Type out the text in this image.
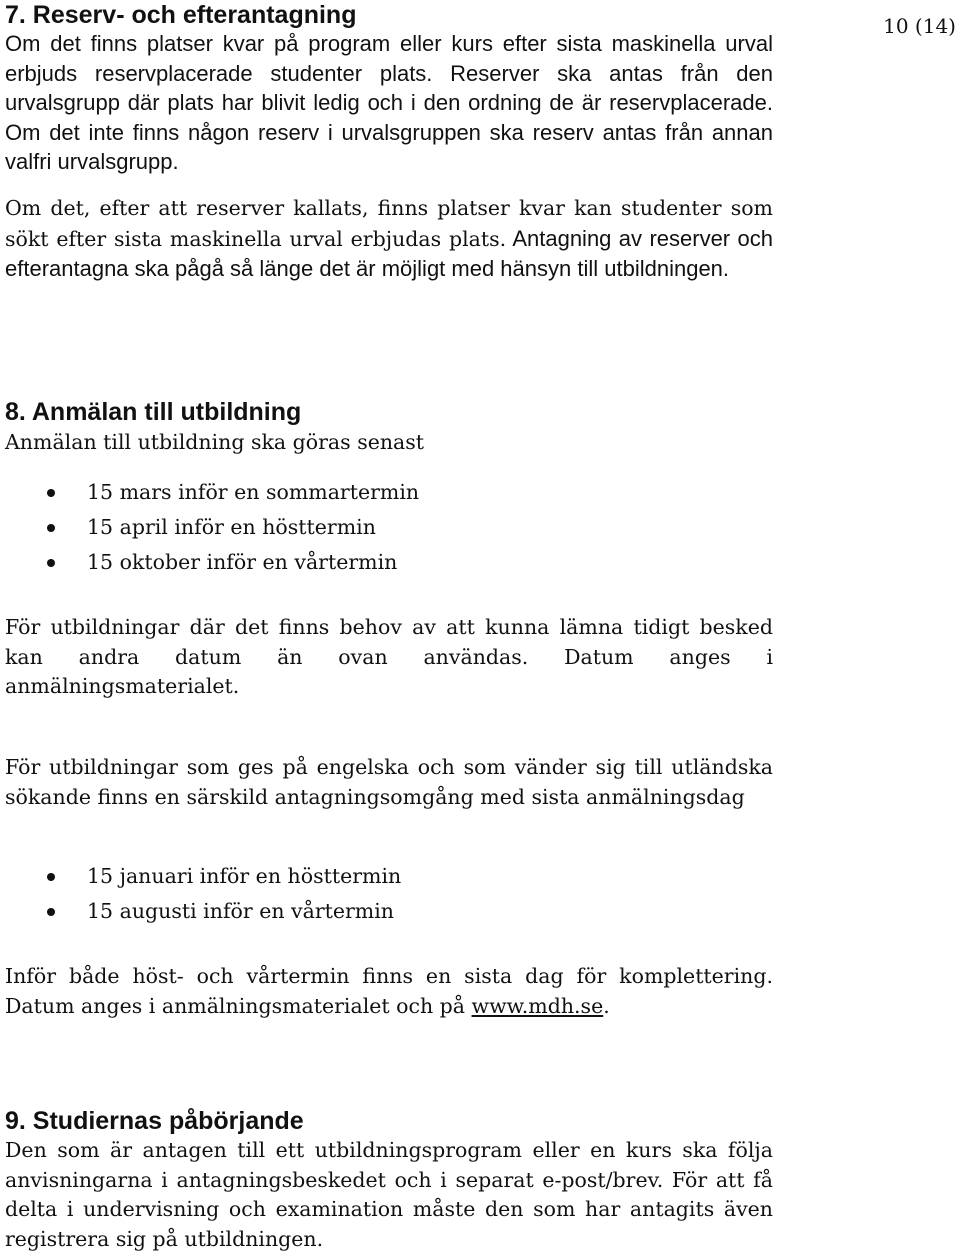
10 (14)
7. Reserv- och efterantagning

Om det finns platser kvar på program eller kurs efter sista maskinella urval erbjuds reservplacerade studenter plats. Reserver ska antas från den urvalsgrupp där plats har blivit ledig och i den ordning de är reservplacerade. Om det inte finns någon reserv i urvalsgruppen ska reserv antas från annan valfri urvalsgrupp.

Om det, efter att reserver kallats, finns platser kvar kan studenter som sökt efter sista maskinella urval erbjudas plats. Antagning av reserver och efterantagna ska pågå så länge det är möjligt med hänsyn till utbildningen.

8. Anmälan till utbildning

Anmälan till utbildning ska göras senast

15 mars inför en sommartermin
15 april inför en hösttermin
15 oktober inför en vårtermin

För utbildningar där det finns behov av att kunna lämna tidigt besked kan andra datum än ovan användas. Datum anges i anmälningsmaterialet.

För utbildningar som ges på engelska och som vänder sig till utländska sökande finns en särskild antagningsomgång med sista anmälningsdag

15 januari inför en hösttermin
15 augusti inför en vårtermin

Inför både höst- och vårtermin finns en sista dag för komplettering. Datum anges i anmälningsmaterialet och på www.mdh.se.

9. Studiernas påbörjande

Den som är antagen till ett utbildningsprogram eller en kurs ska följa anvisningarna i antagningsbeskedet och i separat e-post/brev. För att få delta i undervisning och examination måste den som har antagits även registrera sig på utbildningen.
